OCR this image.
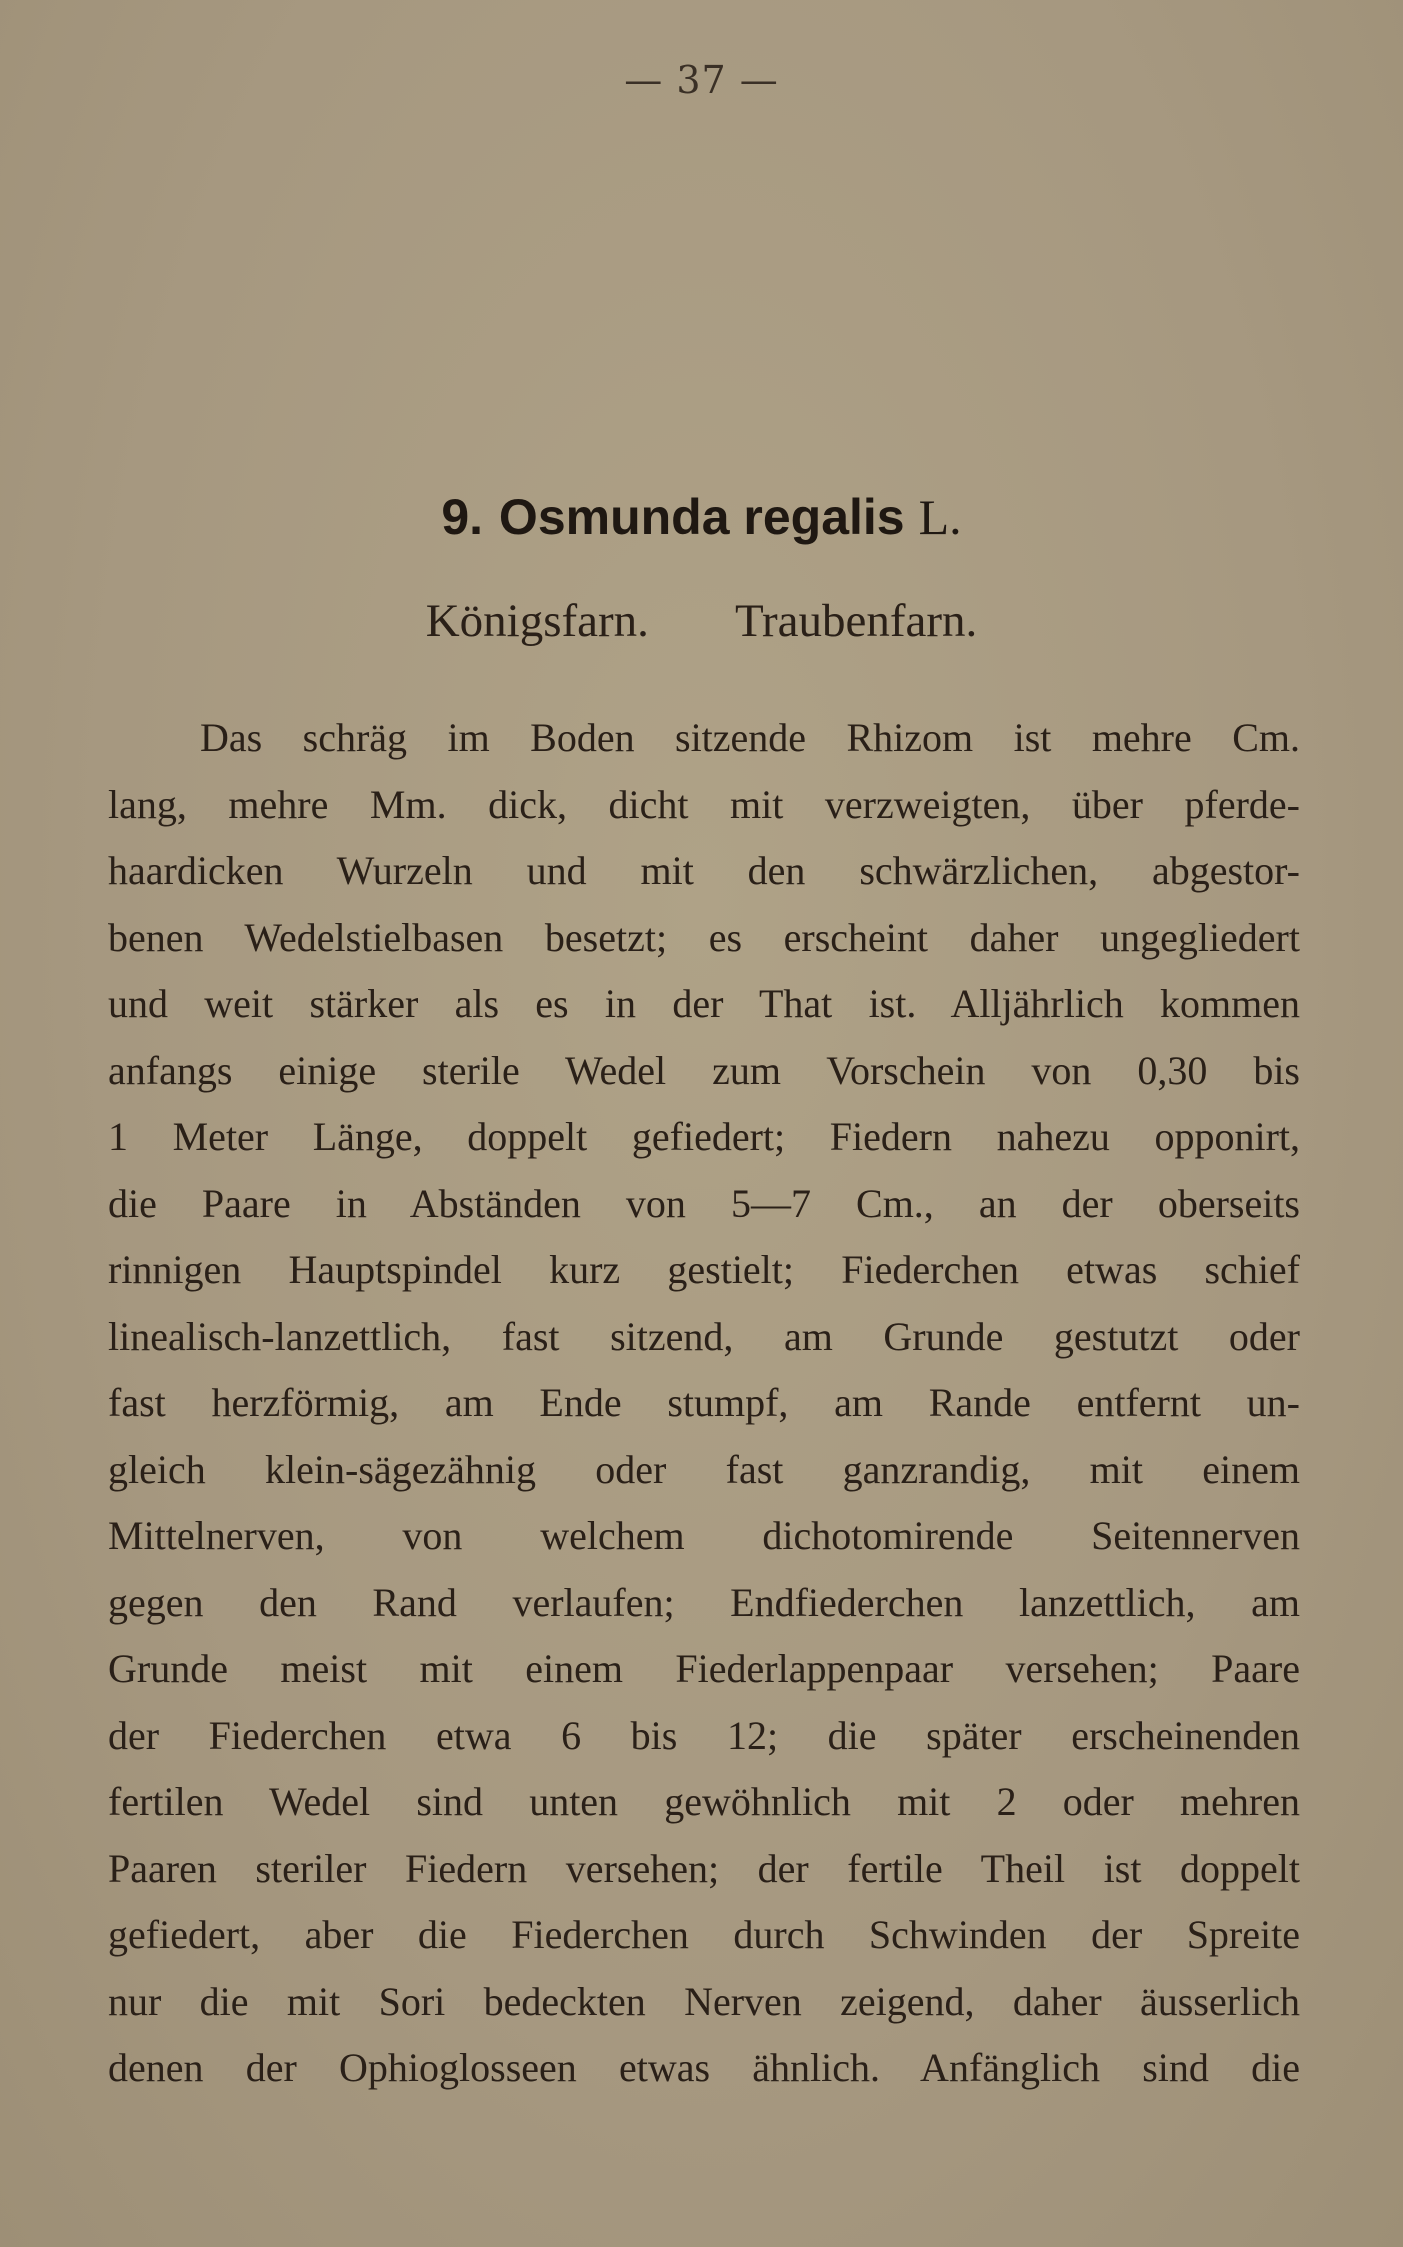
— 37 —
9. Osmunda regalis L.
Königsfarn. Traubenfarn.
Das schräg im Boden sitzende Rhizom ist mehre Cm.
lang, mehre Mm. dick, dicht mit verzweigten, über pferde-
haardicken Wurzeln und mit den schwärzlichen, abgestor-
benen Wedelstielbasen besetzt; es erscheint daher ungegliedert
und weit stärker als es in der That ist. Alljährlich kommen
anfangs einige sterile Wedel zum Vorschein von 0,30 bis
1 Meter Länge, doppelt gefiedert; Fiedern nahezu opponirt,
die Paare in Abständen von 5—7 Cm., an der oberseits
rinnigen Hauptspindel kurz gestielt; Fiederchen etwas schief
linealisch-lanzettlich, fast sitzend, am Grunde gestutzt oder
fast herzförmig, am Ende stumpf, am Rande entfernt un-
gleich klein-sägezähnig oder fast ganzrandig, mit einem
Mittelnerven, von welchem dichotomirende Seitennerven
gegen den Rand verlaufen; Endfiederchen lanzettlich, am
Grunde meist mit einem Fiederlappenpaar versehen; Paare
der Fiederchen etwa 6 bis 12; die später erscheinenden
fertilen Wedel sind unten gewöhnlich mit 2 oder mehren
Paaren steriler Fiedern versehen; der fertile Theil ist doppelt
gefiedert, aber die Fiederchen durch Schwinden der Spreite
nur die mit Sori bedeckten Nerven zeigend, daher äusserlich
denen der Ophioglosseen etwas ähnlich. Anfänglich sind die
